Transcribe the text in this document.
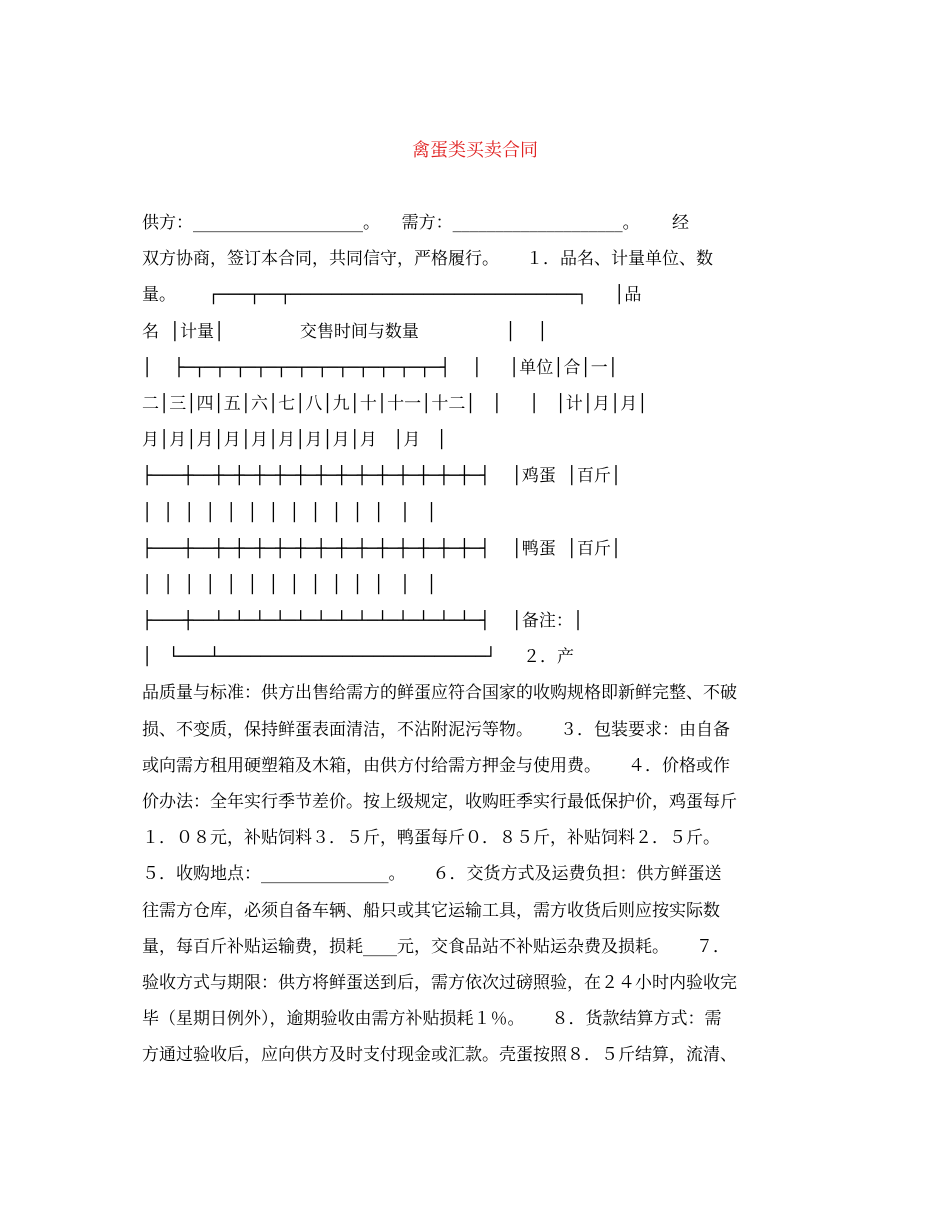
禽蛋类买卖合同
供方：____________________。    需方：____________________。      经
双方协商，签订本合同，共同信守，严格履行。     １．品名、计量单位、数
量。      ┌───┬──┬────────────────────────────┐     │品
名  │计量│              交售时间与数量                │    │
│    ├─┬─┬─┬─┬─┬─┬─┬─┬─┬─┬─┬─┬─┤    │     │单位│合│一│
二│三│四│五│六│七│八│九│十│十一│十二│   │     │   │计│月│月│
月│月│月│月│月│月│月│月│月   │月   │
├───┼──┼─┼─┼─┼─┼─┼─┼─┼─┼─┼─┼─┼─┼─┤    │鸡蛋  │百斤│
│  │  │  │  │  │  │  │  │  │  │  │   │   │
├───┼──┼─┼─┼─┼─┼─┼─┼─┼─┼─┼─┼─┼─┼─┤    │鸭蛋  │百斤│
│  │  │  │  │  │  │  │  │  │  │  │   │   │
├───┼──┴─┴─┴─┴─┴─┴─┴─┴─┴─┴─┴─┴─┴─┤    │备注：│
│   └───┴──────────────────────────┘     ２．产
品质量与标准：供方出售给需方的鲜蛋应符合国家的收购规格即新鲜完整、不破
损、不变质，保持鲜蛋表面清洁，不沾附泥污等物。     ３．包装要求：由自备
或向需方租用硬塑箱及木箱，由供方付给需方押金与使用费。     ４．价格或作
价办法：全年实行季节差价。按上级规定，收购旺季实行最低保护价，鸡蛋每斤
１．０８元，补贴饲料３．５斤，鸭蛋每斤０．８５斤，补贴饲料２．５斤。
５．收购地点：_______________。     ６．交货方式及运费负担：供方鲜蛋送
往需方仓库，必须自备车辆、船只或其它运输工具，需方收货后则应按实际数
量，每百斤补贴运输费，损耗____元，交食品站不补贴运杂费及损耗。     ７．
验收方式与期限：供方将鲜蛋送到后，需方依次过磅照验，在２４小时内验收完
毕（星期日例外），逾期验收由需方补贴损耗１％。     ８．货款结算方式：需
方通过验收后，应向供方及时支付现金或汇款。壳蛋按照８．５斤结算，流清、
